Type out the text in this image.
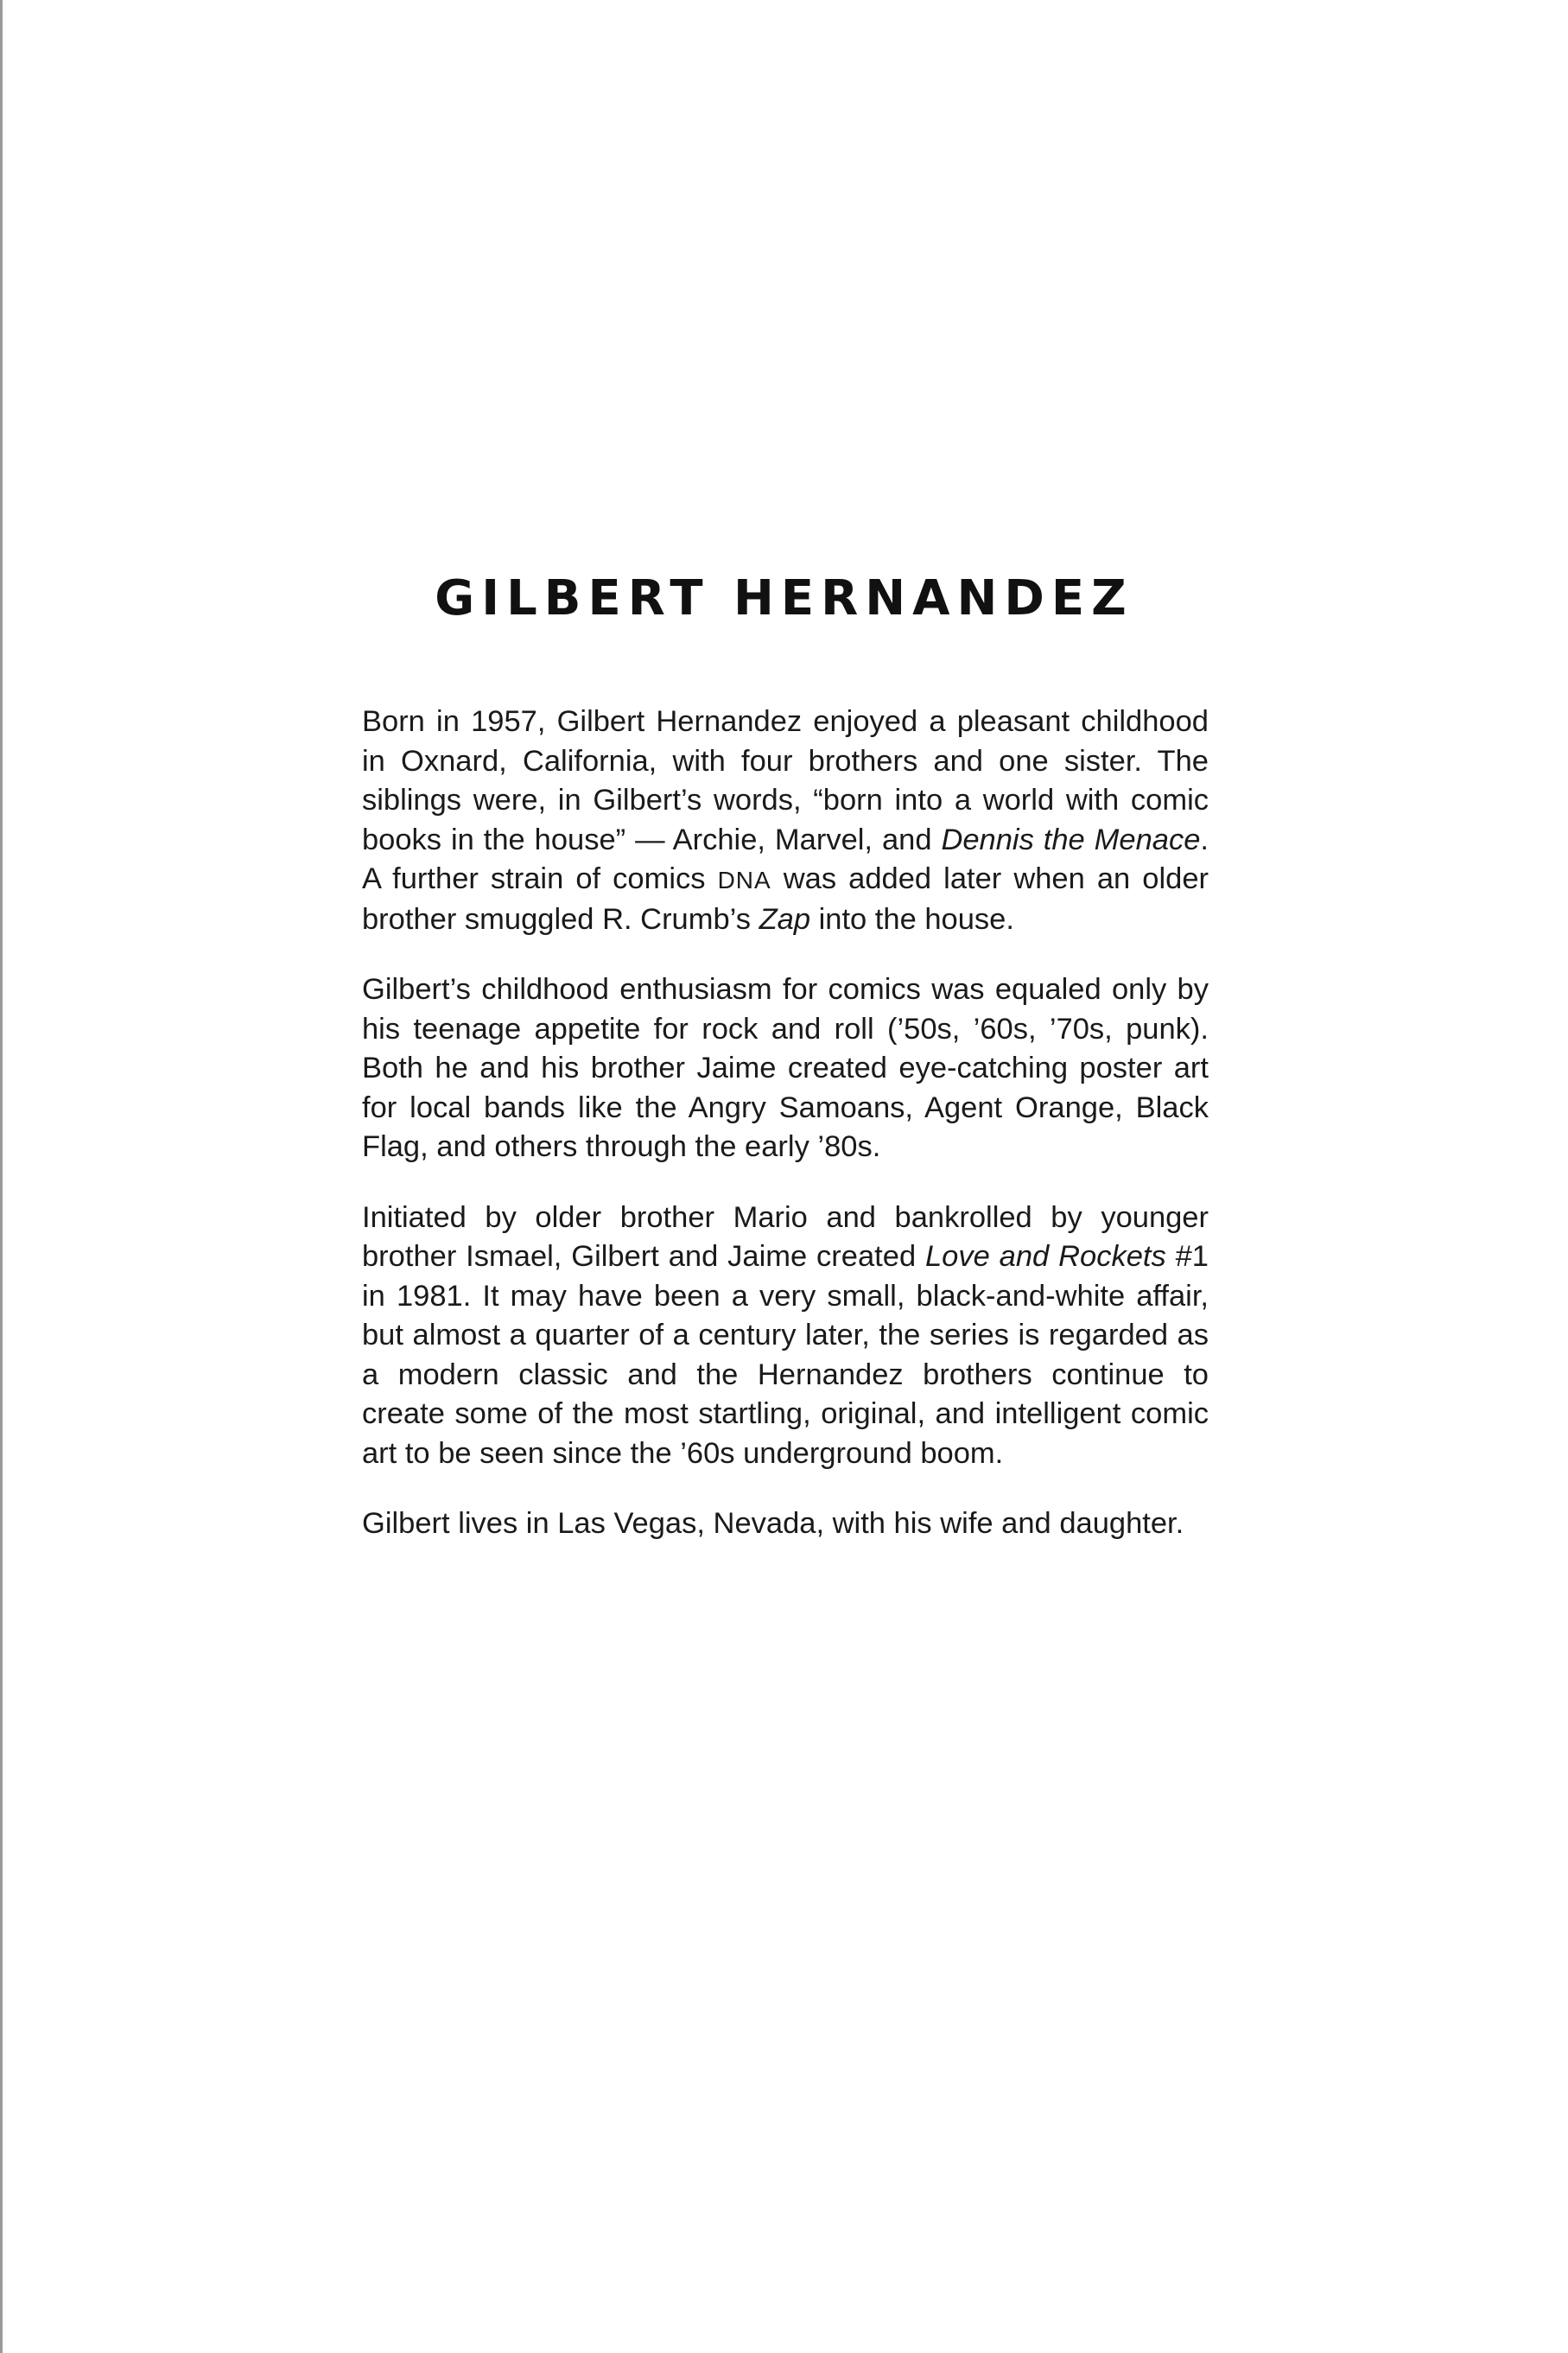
GILBERT HERNANDEZ

Born in 1957, Gilbert Hernandez enjoyed a pleasant childhood in Oxnard, California, with four brothers and one sister. The siblings were, in Gilbert’s words, “born into a world with comic books in the house” — Archie, Marvel, and Dennis the Menace. A further strain of comics DNA was added later when an older brother smuggled R. Crumb’s Zap into the house.

Gilbert’s childhood enthusiasm for comics was equaled only by his teenage appetite for rock and roll (’50s, ’60s, ’70s, punk). Both he and his brother Jaime created eye-catching poster art for local bands like the Angry Samoans, Agent Orange, Black Flag, and others through the early ’80s.

Initiated by older brother Mario and bankrolled by younger brother Ismael, Gilbert and Jaime created Love and Rockets #1 in 1981. It may have been a very small, black-and-white affair, but almost a quarter of a century later, the series is regarded as a modern classic and the Hernandez brothers continue to create some of the most startling, original, and intelligent comic art to be seen since the ’60s underground boom.

Gilbert lives in Las Vegas, Nevada, with his wife and daughter.
